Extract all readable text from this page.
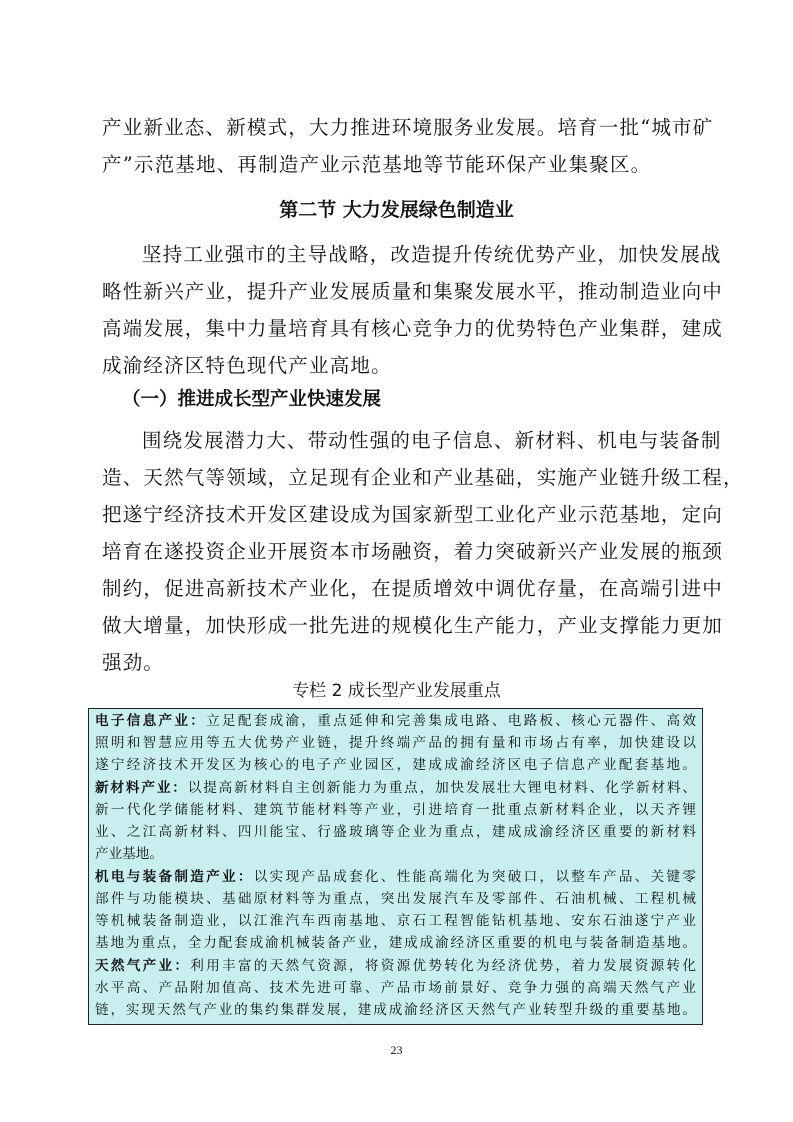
产业新业态、新模式，大力推进环境服务业发展。培育一批“城市矿
产”示范基地、再制造产业示范基地等节能环保产业集聚区。
第二节 大力发展绿色制造业
坚持工业强市的主导战略，改造提升传统优势产业，加快发展战
略性新兴产业，提升产业发展质量和集聚发展水平，推动制造业向中
高端发展，集中力量培育具有核心竞争力的优势特色产业集群，建成
成渝经济区特色现代产业高地。
（一）推进成长型产业快速发展
围绕发展潜力大、带动性强的电子信息、新材料、机电与装备制
造、天然气等领域，立足现有企业和产业基础，实施产业链升级工程，
把遂宁经济技术开发区建设成为国家新型工业化产业示范基地，定向
培育在遂投资企业开展资本市场融资，着力突破新兴产业发展的瓶颈
制约，促进高新技术产业化，在提质增效中调优存量，在高端引进中
做大增量，加快形成一批先进的规模化生产能力，产业支撑能力更加
强劲。
专栏 2 成长型产业发展重点
电子信息产业：立足配套成渝，重点延伸和完善集成电路、电路板、核心元器件、高效
照明和智慧应用等五大优势产业链，提升终端产品的拥有量和市场占有率，加快建设以
遂宁经济技术开发区为核心的电子产业园区，建成成渝经济区电子信息产业配套基地。
新材料产业：以提高新材料自主创新能力为重点，加快发展壮大锂电材料、化学新材料、
新一代化学储能材料、建筑节能材料等产业，引进培育一批重点新材料企业，以天齐锂
业、之江高新材料、四川能宝、行盛玻璃等企业为重点，建成成渝经济区重要的新材料
产业基地。
机电与装备制造产业：以实现产品成套化、性能高端化为突破口，以整车产品、关键零
部件与功能模块、基础原材料等为重点，突出发展汽车及零部件、石油机械、工程机械
等机械装备制造业，以江淮汽车西南基地、京石工程智能钻机基地、安东石油遂宁产业
基地为重点，全力配套成渝机械装备产业，建成成渝经济区重要的机电与装备制造基地。
天然气产业：利用丰富的天然气资源，将资源优势转化为经济优势，着力发展资源转化
水平高、产品附加值高、技术先进可靠、产品市场前景好、竞争力强的高端天然气产业
链，实现天然气产业的集约集群发展，建成成渝经济区天然气产业转型升级的重要基地。
23
